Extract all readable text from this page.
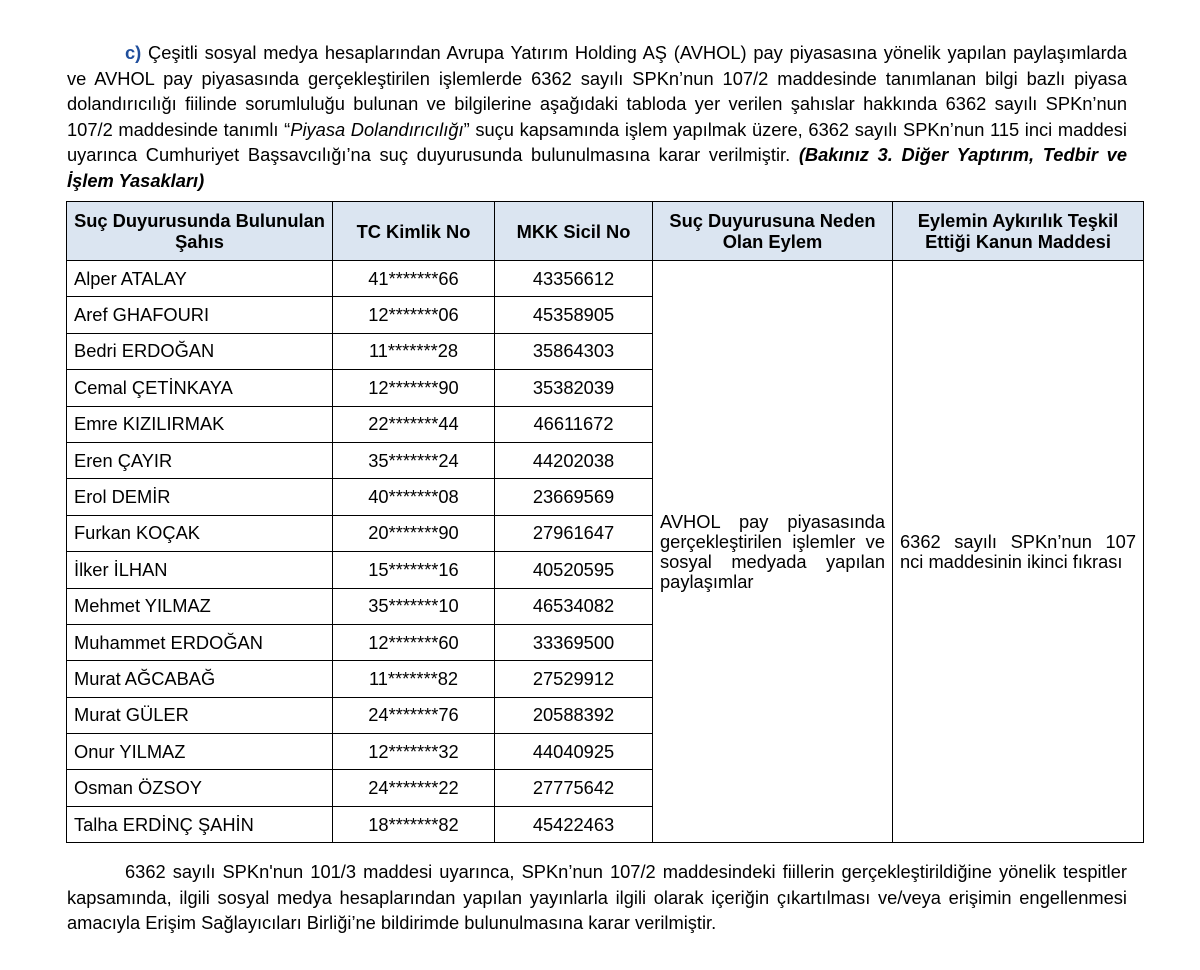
c) Çeşitli sosyal medya hesaplarından Avrupa Yatırım Holding AŞ (AVHOL) pay piyasasına yönelik yapılan paylaşımlarda ve AVHOL pay piyasasında gerçekleştirilen işlemlerde 6362 sayılı SPKn’nun 107/2 maddesinde tanımlanan bilgi bazlı piyasa dolandırıcılığı fiilinde sorumluluğu bulunan ve bilgilerine aşağıdaki tabloda yer verilen şahıslar hakkında 6362 sayılı SPKn’nun 107/2 maddesinde tanımlı “Piyasa Dolandırıcılığı” suçu kapsamında işlem yapılmak üzere, 6362 sayılı SPKn’nun 115 inci maddesi uyarınca Cumhuriyet Başsavcılığı’na suç duyurusunda bulunulmasına karar verilmiştir. (Bakınız 3. Diğer Yaptırım, Tedbir ve İşlem Yasakları)

Suç Duyurusunda Bulunulan Şahıs	TC Kimlik No	MKK Sicil No	Suç Duyurusuna Neden Olan Eylem	Eylemin Aykırılık Teşkil Ettiği Kanun Maddesi
Alper ATALAY	41*******66	43356612	AVHOL pay piyasasında gerçekleştirilen işlemler ve sosyal medyada yapılan paylaşımlar	6362 sayılı SPKn’nun 107 nci maddesinin ikinci fıkrası
Aref GHAFOURI	12*******06	45358905		
Bedri ERDOĞAN	11*******28	35864303		
Cemal ÇETİNKAYA	12*******90	35382039		
Emre KIZILIRMAK	22*******44	46611672		
Eren ÇAYIR	35*******24	44202038		
Erol DEMİR	40*******08	23669569		
Furkan KOÇAK	20*******90	27961647		
İlker İLHAN	15*******16	40520595		
Mehmet YILMAZ	35*******10	46534082		
Muhammet ERDOĞAN	12*******60	33369500		
Murat AĞCABAĞ	11*******82	27529912		
Murat GÜLER	24*******76	20588392		
Onur YILMAZ	12*******32	44040925		
Osman ÖZSOY	24*******22	27775642		
Talha ERDİNÇ ŞAHİN	18*******82	45422463		

6362 sayılı SPKn'nun 101/3 maddesi uyarınca, SPKn’nun 107/2 maddesindeki fiillerin gerçekleştirildiğine yönelik tespitler kapsamında, ilgili sosyal medya hesaplarından yapılan yayınlarla ilgili olarak içeriğin çıkartılması ve/veya erişimin engellenmesi amacıyla Erişim Sağlayıcıları Birliği’ne bildirimde bulunulmasına karar verilmiştir.
